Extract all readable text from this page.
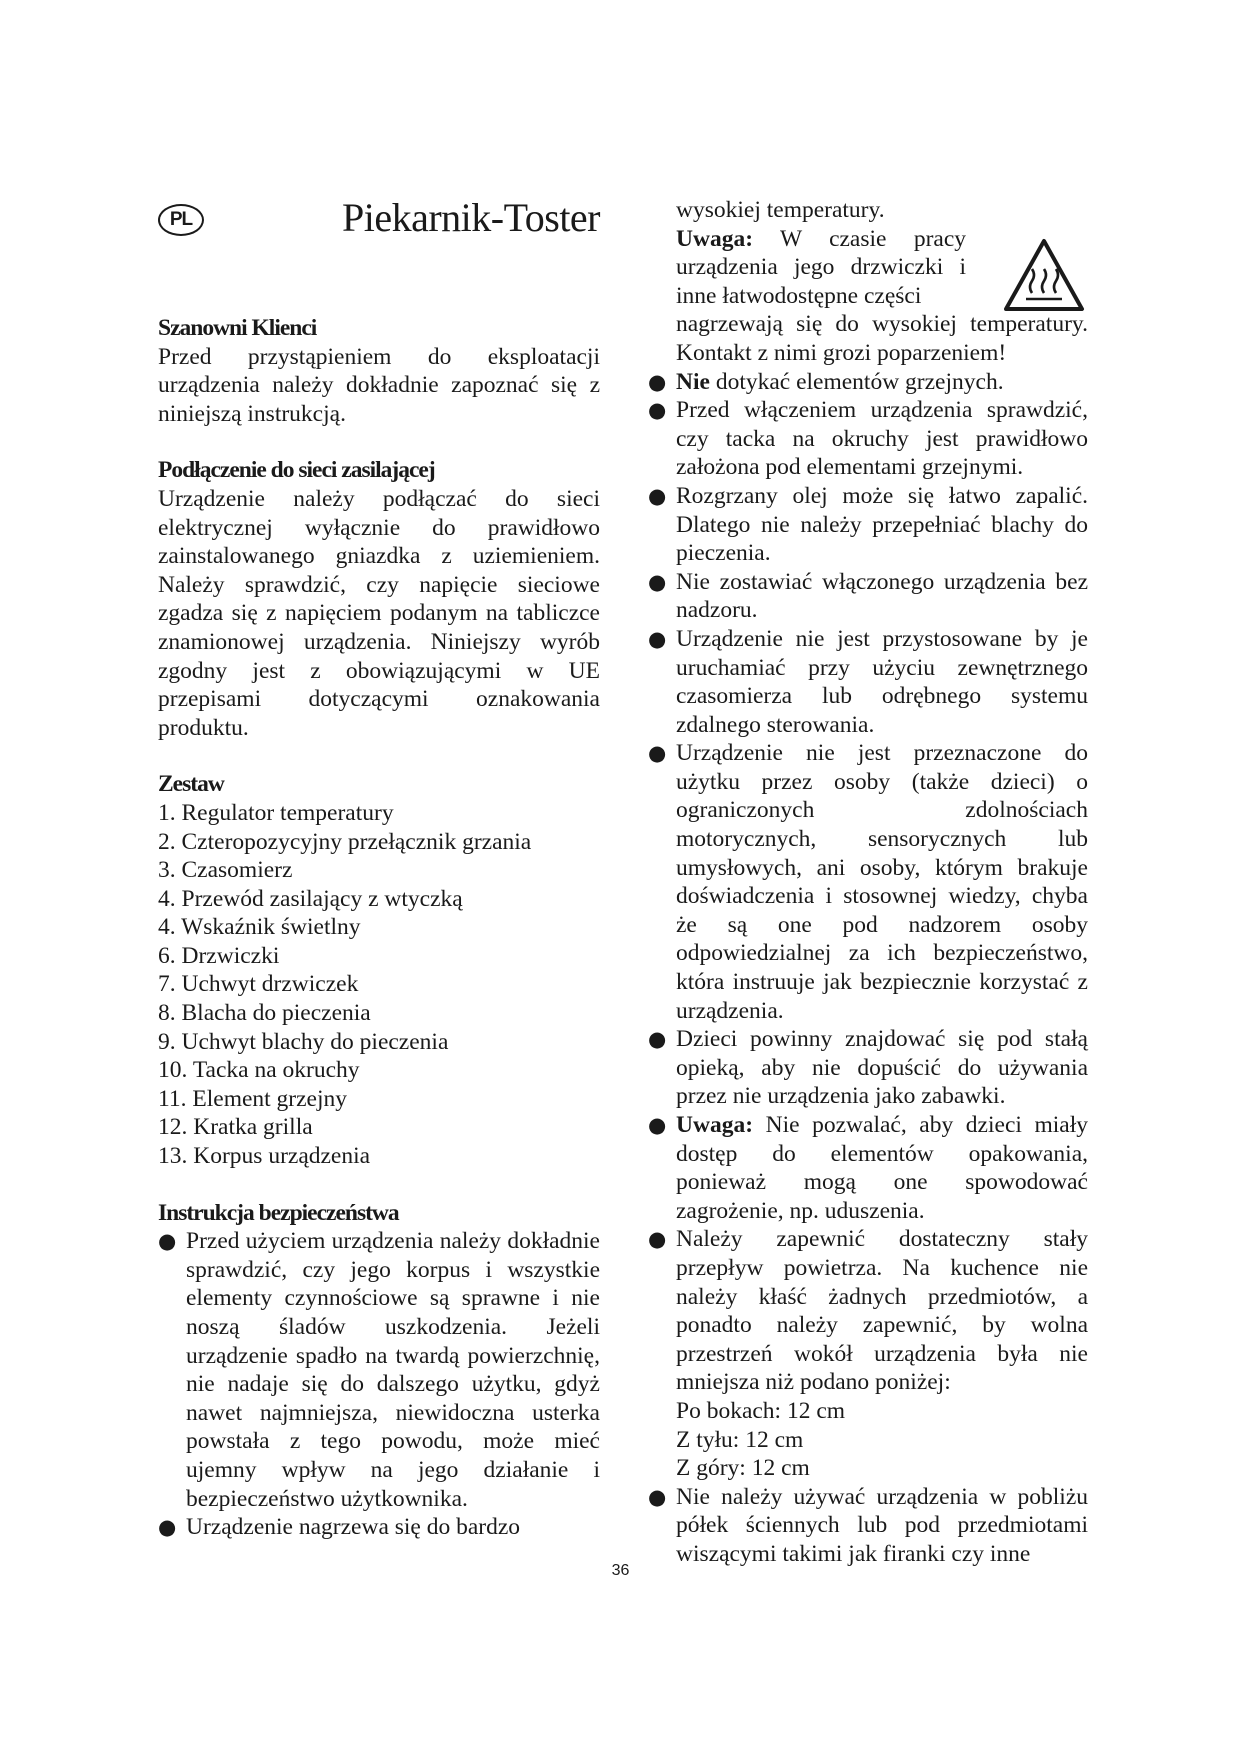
PL	Piekarnik-Toster
Szanowni Klienci

Przed przystąpieniem do eksploatacji urządzenia należy dokładnie zapoznać się z niniejszą instrukcją.

Podłączenie do sieci zasilającej

Urządzenie należy podłączać do sieci elektrycznej wyłącznie do prawidłowo zainstalowanego gniazdka z uziemieniem. Należy sprawdzić, czy napięcie sieciowe zgadza się z napięciem podanym na tabliczce znamionowej urządzenia. Niniejszy wyrób zgodny jest z obowiązującymi w UE przepisami dotyczącymi oznakowania produktu.

Zestaw
1. Regulator temperatury
2. Czteropozycyjny przełącznik grzania
3. Czasomierz
4. Przewód zasilający z wtyczką
4. Wskaźnik świetlny
6. Drzwiczki
7. Uchwyt drzwiczek
8. Blacha do pieczenia
9. Uchwyt blachy do pieczenia
10. Tacka na okruchy
11. Element grzejny
12. Kratka grilla
13. Korpus urządzenia
Instrukcja bezpieczeństwa
● Przed użyciem urządzenia należy dokładnie sprawdzić, czy jego korpus i wszystkie elementy czynnościowe są sprawne i nie noszą śladów uszkodzenia. Jeżeli urządzenie spadło na twardą powierzchnię, nie nadaje się do dalszego użytku, gdyż nawet najmniejsza, niewidoczna usterka powstała z tego powodu, może mieć ujemny wpływ na jego działanie i bezpieczeństwo użytkownika.
● Urządzenie nagrzewa się do bardzo
wysokiej temperatury.
Uwaga: W czasie pracy urządzenia jego drzwiczki i inne łatwodostępne części
nagrzewają się do wysokiej temperatury. Kontakt z nimi grozi poparzeniem!
● Nie dotykać elementów grzejnych.
● Przed włączeniem urządzenia sprawdzić, czy tacka na okruchy jest prawidłowo założona pod elementami grzejnymi.
● Rozgrzany olej może się łatwo zapalić. Dlatego nie należy przepełniać blachy do pieczenia.
● Nie zostawiać włączonego urządzenia bez nadzoru.
● Urządzenie nie jest przystosowane by je uruchamiać przy użyciu zewnętrznego czasomierza lub odrębnego systemu zdalnego sterowania.
● Urządzenie nie jest przeznaczone do użytku przez osoby (także dzieci) o ograniczonych zdolnościach motorycznych, sensorycznych lub umysłowych, ani osoby, którym brakuje doświadczenia i stosownej wiedzy, chyba że są one pod nadzorem osoby odpowiedzialnej za ich bezpieczeństwo, która instruuje jak bezpiecznie korzystać z urządzenia.
● Dzieci powinny znajdować się pod stałą opieką, aby nie dopuścić do używania przez nie urządzenia jako zabawki.
● Uwaga: Nie pozwalać, aby dzieci miały dostęp do elementów opakowania, ponieważ mogą one spowodować zagrożenie, np. uduszenia.
● Należy zapewnić dostateczny stały przepływ powietrza. Na kuchence nie należy kłaść żadnych przedmiotów, a ponadto należy zapewnić, by wolna przestrzeń wokół urządzenia była nie mniejsza niż podano poniżej:
Po bokach: 12 cm
Z tyłu: 12 cm
Z góry: 12 cm
● Nie należy używać urządzenia w pobliżu półek ściennych lub pod przedmiotami wiszącymi takimi jak firanki czy inne
36
